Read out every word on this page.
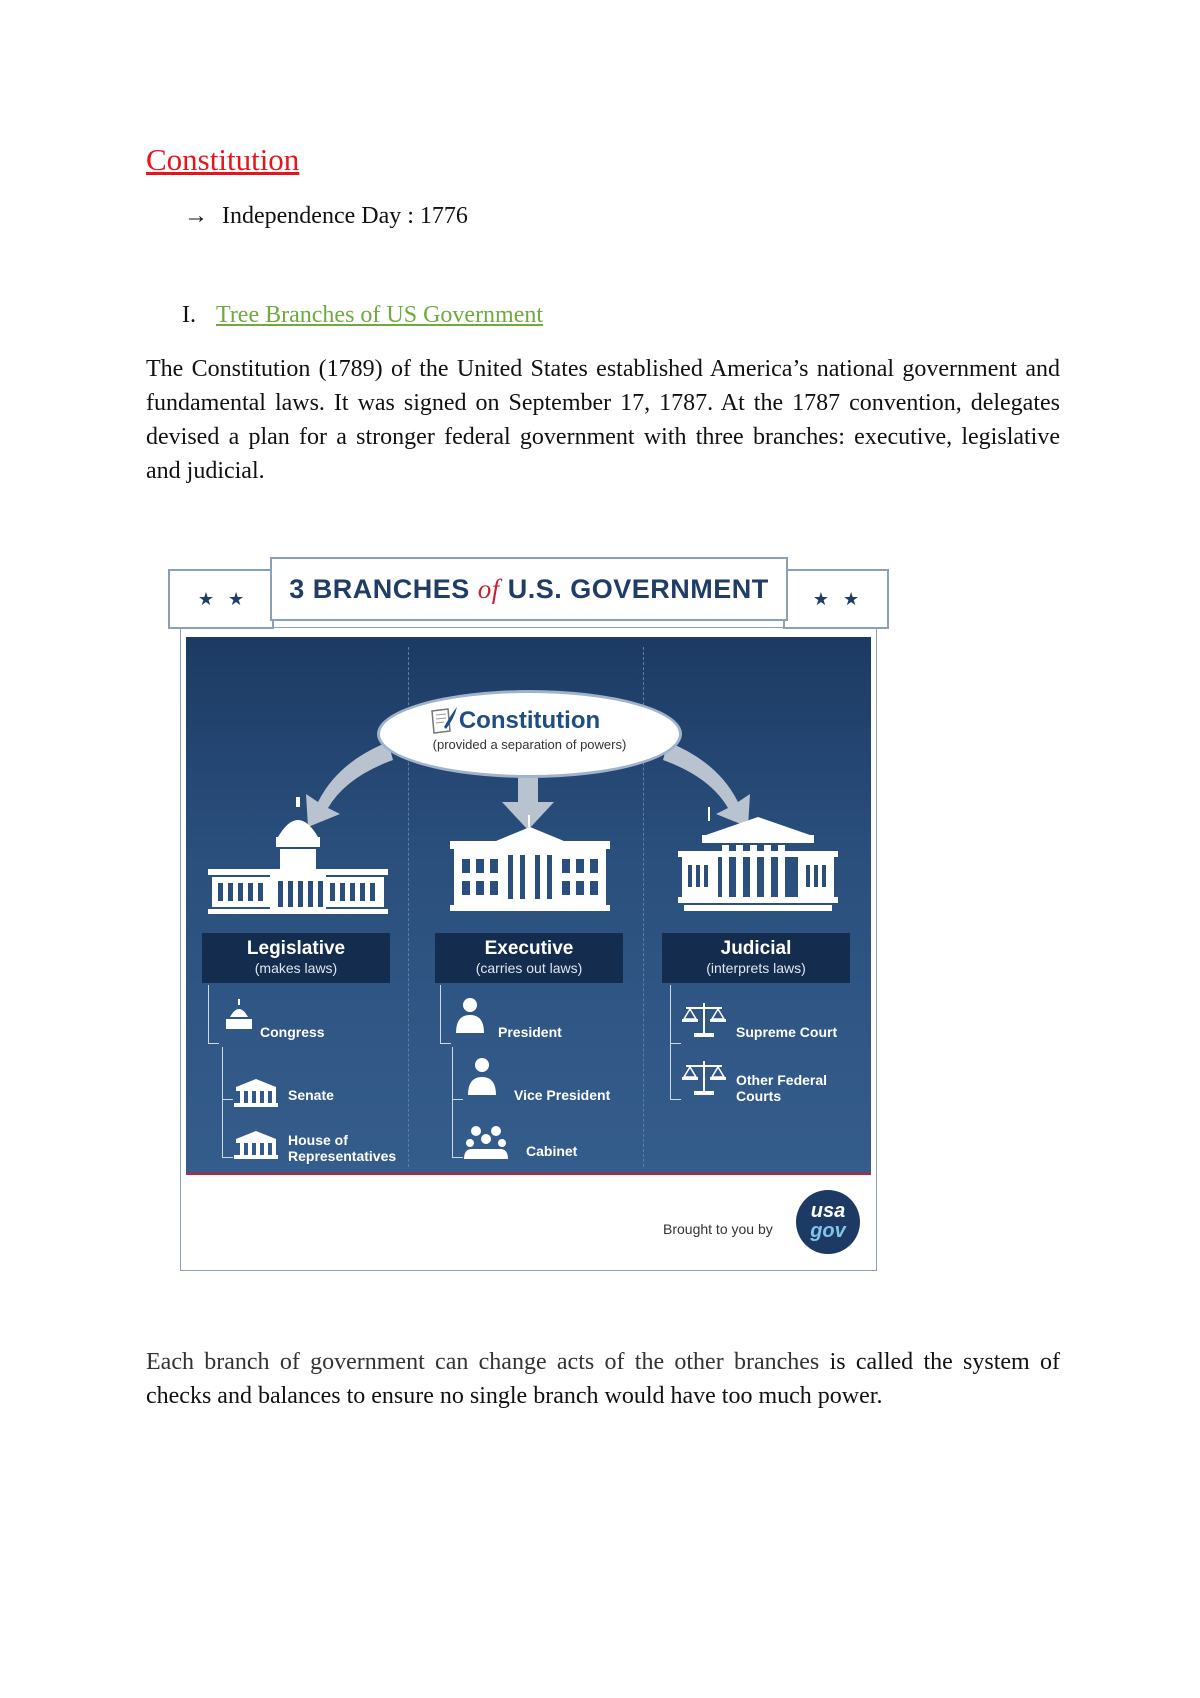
Constitution
→ Independence Day : 1776
I. Tree Branches of US Government

The Constitution (1789) of the United States established America’s national government and fundamental laws. It was signed on September 17, 1787. At the 1787 convention, delegates devised a plan for a stronger federal government with three branches: executive, legislative and judicial.

★ ★	★ ★
3 BRANCHES of U.S. GOVERNMENT
Constitution
(provided a separation of powers)
Legislative
(makes laws)
Executive
(carries out laws)
Judicial
(interprets laws)
Congress
Senate
House of Representatives
President
Vice President
Cabinet
Supreme Court
Other Federal Courts
Brought to you by
usa
gov

Each branch of government can change acts of the other branches is called the system of checks and balances to ensure no single branch would have too much power.
